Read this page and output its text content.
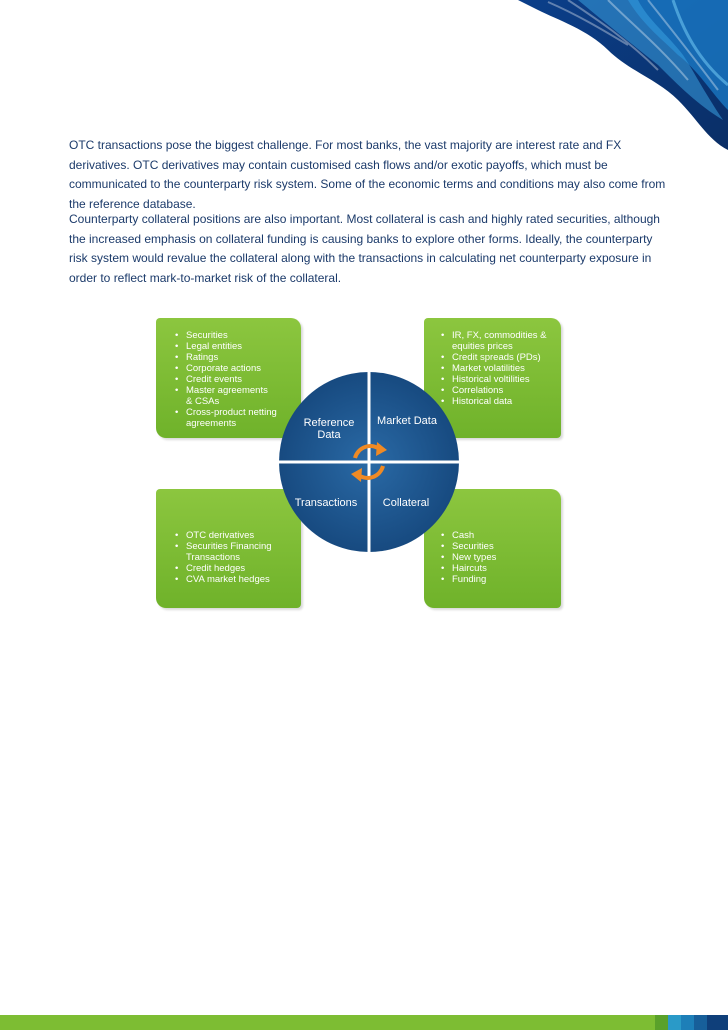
OTC transactions pose the biggest challenge. For most banks, the vast majority are interest rate and FX derivatives. OTC derivatives may contain customised cash flows and/or exotic payoffs, which must be communicated to the counterparty risk system. Some of the economic terms and conditions may also come from the reference database.

Counterparty collateral positions are also important. Most collateral is cash and highly rated securities, although the increased emphasis on collateral funding is causing banks to explore other forms. Ideally, the counterparty risk system would revalue the collateral along with the transactions in calculating net counterparty exposure in order to reflect mark-to-market risk of the collateral.

• Securities
• Legal entities
• Ratings
• Corporate actions
• Credit events
• Master agreements & CSAs
• Cross-product netting agreements
• IR, FX, commodities & equities prices
• Credit spreads (PDs)
• Market volatilities
• Historical voltilities
• Correlations
• Historical data
• OTC derivatives
• Securities Financing Transactions
• Credit hedges
• CVA market hedges
• Cash
• Securities
• New types
• Haircuts
• Funding
Reference Data
Market Data
Transactions	Collateral
